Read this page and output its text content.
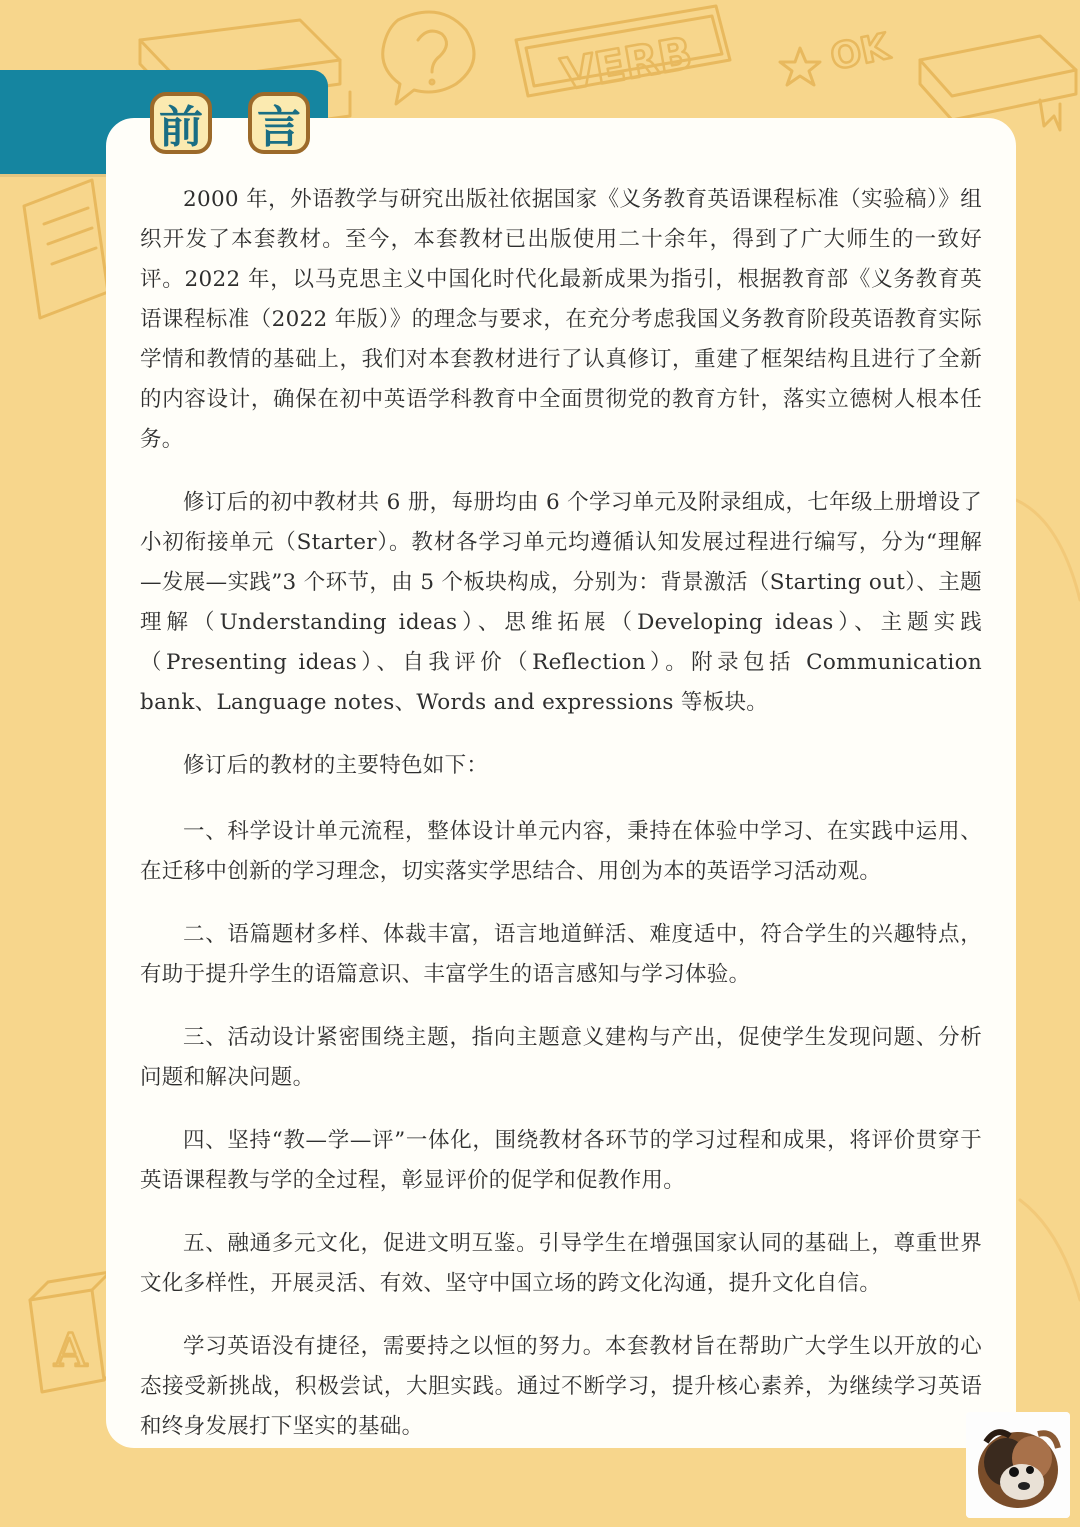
VERB	OK
A
前 言

2000 年，外语教学与研究出版社依据国家《义务教育英语课程标准（实验稿）》组织开发了本套教材。至今，本套教材已出版使用二十余年，得到了广大师生的一致好评。2022 年，以马克思主义中国化时代化最新成果为指引，根据教育部《义务教育英语课程标准（2022 年版）》的理念与要求，在充分考虑我国义务教育阶段英语教育实际学情和教情的基础上，我们对本套教材进行了认真修订，重建了框架结构且进行了全新的内容设计，确保在初中英语学科教育中全面贯彻党的教育方针，落实立德树人根本任务。

修订后的初中教材共 6 册，每册均由 6 个学习单元及附录组成，七年级上册增设了小初衔接单元（Starter）。教材各学习单元均遵循认知发展过程进行编写，分为“理解—发展—实践”3 个环节，由 5 个板块构成，分别为：背景激活（Starting out）、主题理解（Understanding ideas）、思维拓展（Developing ideas）、主题实践（Presenting ideas）、自我评价（Reflection）。附录包括 Communication bank、Language notes、Words and expressions 等板块。

修订后的教材的主要特色如下：

一、科学设计单元流程，整体设计单元内容，秉持在体验中学习、在实践中运用、在迁移中创新的学习理念，切实落实学思结合、用创为本的英语学习活动观。

二、语篇题材多样、体裁丰富，语言地道鲜活、难度适中，符合学生的兴趣特点，有助于提升学生的语篇意识、丰富学生的语言感知与学习体验。

三、活动设计紧密围绕主题，指向主题意义建构与产出，促使学生发现问题、分析问题和解决问题。

四、坚持“教—学—评”一体化，围绕教材各环节的学习过程和成果，将评价贯穿于英语课程教与学的全过程，彰显评价的促学和促教作用。

五、融通多元文化，促进文明互鉴。引导学生在增强国家认同的基础上，尊重世界文化多样性，开展灵活、有效、坚守中国立场的跨文化沟通，提升文化自信。

学习英语没有捷径，需要持之以恒的努力。本套教材旨在帮助广大学生以开放的心态接受新挑战，积极尝试，大胆实践。通过不断学习，提升核心素养，为继续学习英语和终身发展打下坚实的基础。
